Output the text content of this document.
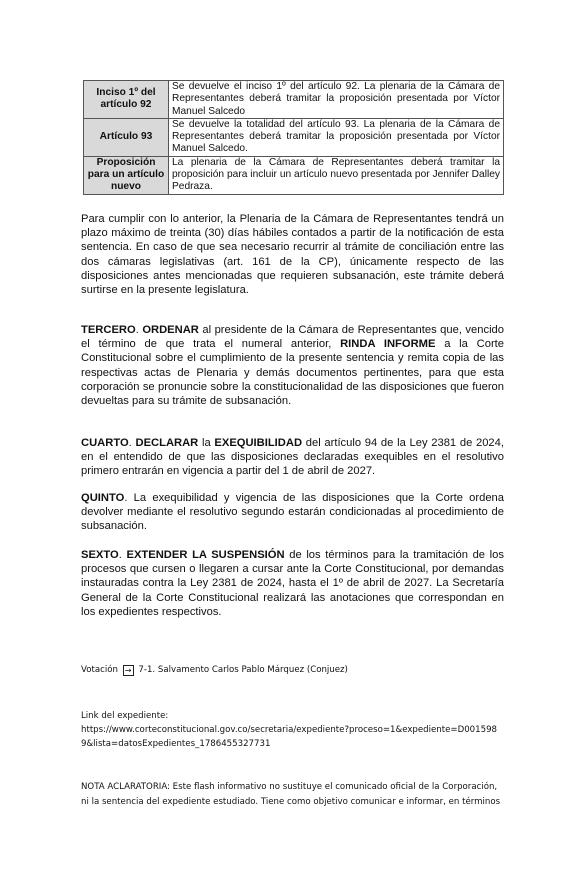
Inciso 1º del artículo 92	Se devuelve el inciso 1º del artículo 92. La plenaria de la Cámara de Representantes deberá tramitar la proposición presentada por Víctor Manuel Salcedo
Artículo 93	Se devuelve la totalidad del artículo 93. La plenaria de la Cámara de Representantes deberá tramitar la proposición presentada por Víctor Manuel Salcedo.
Proposición para un artículo nuevo	La plenaria de la Cámara de Representantes deberá tramitar la proposición para incluir un artículo nuevo presentada por Jennifer Dalley Pedraza.
Para cumplir con lo anterior, la Plenaria de la Cámara de Representantes tendrá un plazo máximo de treinta (30) días hábiles contados a partir de la notificación de esta sentencia. En caso de que sea necesario recurrir al trámite de conciliación entre las dos cámaras legislativas (art. 161 de la CP), únicamente respecto de las disposiciones antes mencionadas que requieren subsanación, este trámite deberá surtirse en la presente legislatura.
TERCERO. ORDENAR al presidente de la Cámara de Representantes que, vencido el término de que trata el numeral anterior, RINDA INFORME a la Corte Constitucional sobre el cumplimiento de la presente sentencia y remita copia de las respectivas actas de Plenaria y demás documentos pertinentes, para que esta corporación se pronuncie sobre la constitucionalidad de las disposiciones que fueron devueltas para su trámite de subsanación.
CUARTO. DECLARAR la EXEQUIBILIDAD del artículo 94 de la Ley 2381 de 2024, en el entendido de que las disposiciones declaradas exequibles en el resolutivo primero entrarán en vigencia a partir del 1 de abril de 2027.
QUINTO. La exequibilidad y vigencia de las disposiciones que la Corte ordena devolver mediante el resolutivo segundo estarán condicionadas al procedimiento de subsanación.
SEXTO. EXTENDER LA SUSPENSIÓN de los términos para la tramitación de los procesos que cursen o llegaren a cursar ante la Corte Constitucional, por demandas instauradas contra la Ley 2381 de 2024, hasta el 1º de abril de 2027. La Secretaría General de la Corte Constitucional realizará las anotaciones que correspondan en los expedientes respectivos.
Votación → 7-1. Salvamento Carlos Pablo Márquez (Conjuez)
Link del expediente:
https://www.corteconstitucional.gov.co/secretaria/expediente?proceso=1&expediente=D001598
9&lista=datosExpedientes_1786455327731
NOTA ACLARATORIA: Este flash informativo no sustituye el comunicado oficial de la Corporación,
ni la sentencia del expediente estudiado. Tiene como objetivo comunicar e informar, en términos
